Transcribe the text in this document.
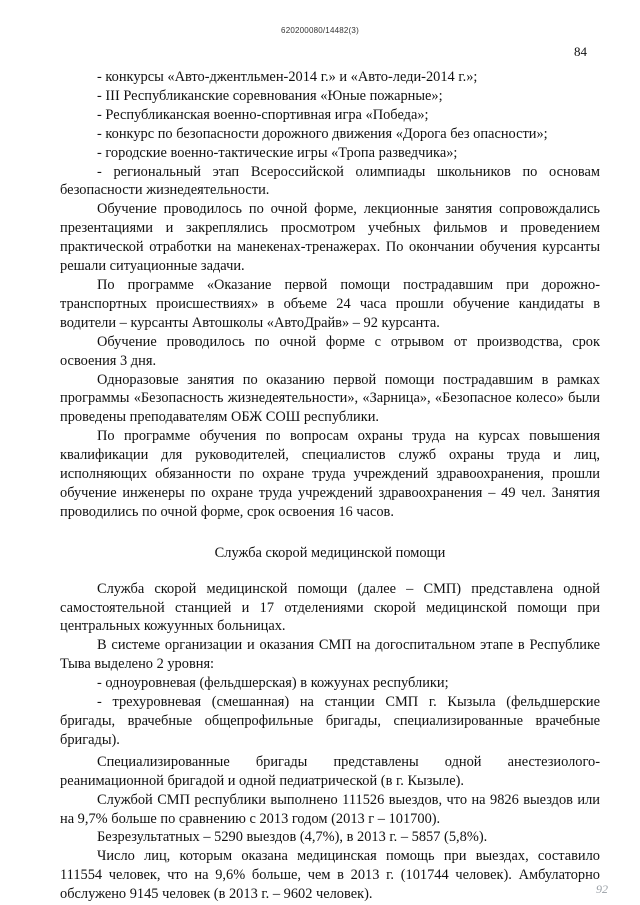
620200080/14482(3)
84

- конкурсы «Авто-джентльмен-2014 г.» и «Авто-леди-2014 г.»;

- III Республиканские соревнования «Юные пожарные»;

- Республиканская военно-спортивная игра «Победа»;

- конкурс по безопасности дорожного движения «Дорога без опасности»;

- городские военно-тактические игры «Тропа разведчика»;

- региональный этап Всероссийской олимпиады школьников по основам безопасности жизнедеятельности.

Обучение проводилось по очной форме, лекционные занятия сопровождались презентациями и закреплялись просмотром учебных фильмов и проведением практической отработки на манекенах-тренажерах. По окончании обучения курсанты решали ситуационные задачи.

По программе «Оказание первой помощи пострадавшим при дорожно-транспортных происшествиях» в объеме 24 часа прошли обучение кандидаты в водители – курсанты Автошколы «АвтоДрайв» – 92 курсанта.

Обучение проводилось по очной форме с отрывом от производства, срок освоения 3 дня.

Одноразовые занятия по оказанию первой помощи пострадавшим в рамках программы «Безопасность жизнедеятельности», «Зарница», «Безопасное колесо» были проведены преподавателям ОБЖ СОШ республики.

По программе обучения по вопросам охраны труда на курсах повышения квалификации для руководителей, специалистов служб охраны труда и лиц, исполняющих обязанности по охране труда учреждений здравоохранения, прошли обучение инженеры по охране труда учреждений здравоохранения – 49 чел. Занятия проводились по очной форме, срок освоения 16 часов.

Служба скорой медицинской помощи

Служба скорой медицинской помощи (далее – СМП) представлена одной самостоятельной станцией и 17 отделениями скорой медицинской помощи при центральных кожуунных больницах.

В системе организации и оказания СМП на догоспитальном этапе в Республике Тыва выделено 2 уровня:

- одноуровневая (фельдшерская) в кожуунах республики;

- трехуровневая (смешанная) на станции СМП г. Кызыла (фельдшерские бригады, врачебные общепрофильные бригады, специализированные врачебные бригады).

Специализированные бригады представлены одной анестезиолого-реанимационной бригадой и одной педиатрической (в г. Кызыле).

Службой СМП республики выполнено 111526 выездов, что на 9826 выездов или на 9,7% больше по сравнению с 2013 годом (2013 г – 101700).

Безрезультатных – 5290 выездов (4,7%), в 2013 г. – 5857 (5,8%).

Число лиц, которым оказана медицинская помощь при выездах, составило 111554 человек, что на 9,6% больше, чем в 2013 г. (101744 человек). Амбулаторно обслужено 9145 человек (в 2013 г. – 9602 человек).	92
